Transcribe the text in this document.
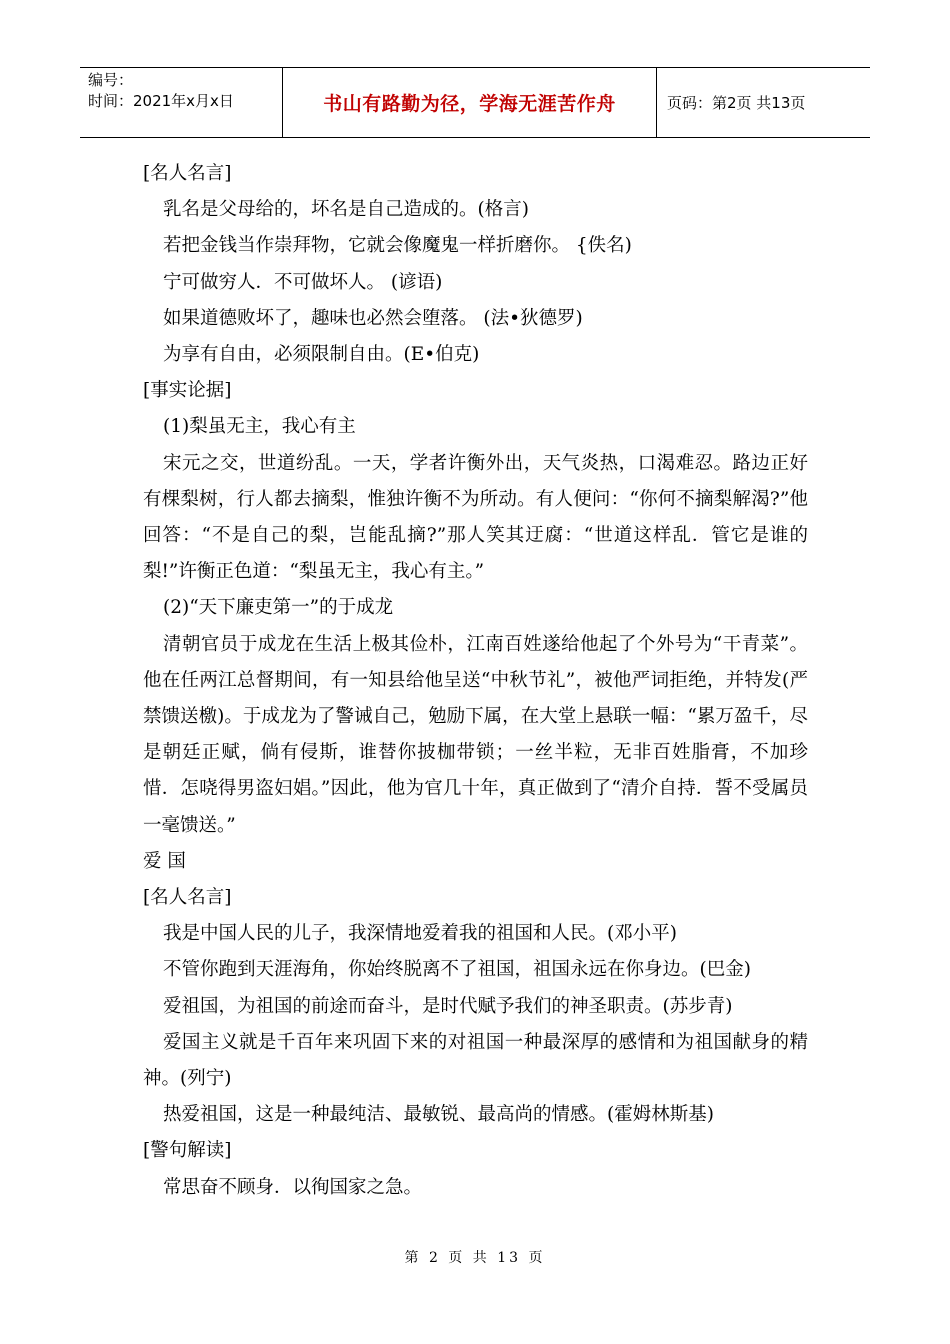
编号：
时间：2021年x月x日	书山有路勤为径，学海无涯苦作舟	页码：第2页 共13页

[名人名言]

乳名是父母给的，坏名是自己造成的。(格言)

若把金钱当作崇拜物，它就会像魔鬼一样折磨你。 {佚名)

宁可做穷人．不可做坏人。 (谚语)

如果道德败坏了，趣味也必然会堕落。 (法•狄德罗)

为享有自由，必须限制自由。(E•伯克)

[事实论据]

(1)梨虽无主，我心有主

宋元之交，世道纷乱。一天，学者许衡外出，天气炎热，口渴难忍。路边正好有棵梨树，行人都去摘梨，惟独许衡不为所动。有人便问：“你何不摘梨解渴?”他回答：“不是自己的梨，岂能乱摘?”那人笑其迂腐：“世道这样乱．管它是谁的梨!”许衡正色道：“梨虽无主，我心有主。”

(2)“天下廉吏第一”的于成龙

清朝官员于成龙在生活上极其俭朴，江南百姓遂给他起了个外号为“干青菜”。他在任两江总督期间，有一知县给他呈送“中秋节礼”，被他严词拒绝，并特发(严禁馈送檄)。于成龙为了警诫自己，勉励下属，在大堂上悬联一幅：“累万盈千，尽是朝廷正赋，倘有侵斯，谁替你披枷带锁；一丝半粒，无非百姓脂膏，不加珍惜．怎哓得男盗妇娼。”因此，他为官几十年，真正做到了“清介自持．誓不受属员一毫馈送。”

爱 国

[名人名言]

我是中国人民的儿子，我深情地爱着我的祖国和人民。(邓小平)

不管你跑到天涯海角，你始终脱离不了祖国，祖国永远在你身边。(巴金)

爱祖国，为祖国的前途而奋斗，是时代赋予我们的神圣职责。(苏步青)

爱国主义就是千百年来巩固下来的对祖国一种最深厚的感情和为祖国献身的精神。(列宁)

热爱祖国，这是一种最纯洁、最敏锐、最高尚的情感。(霍姆林斯基)

[警句解读]

常思奋不顾身．以徇国家之急。

第 2 页 共 13 页
